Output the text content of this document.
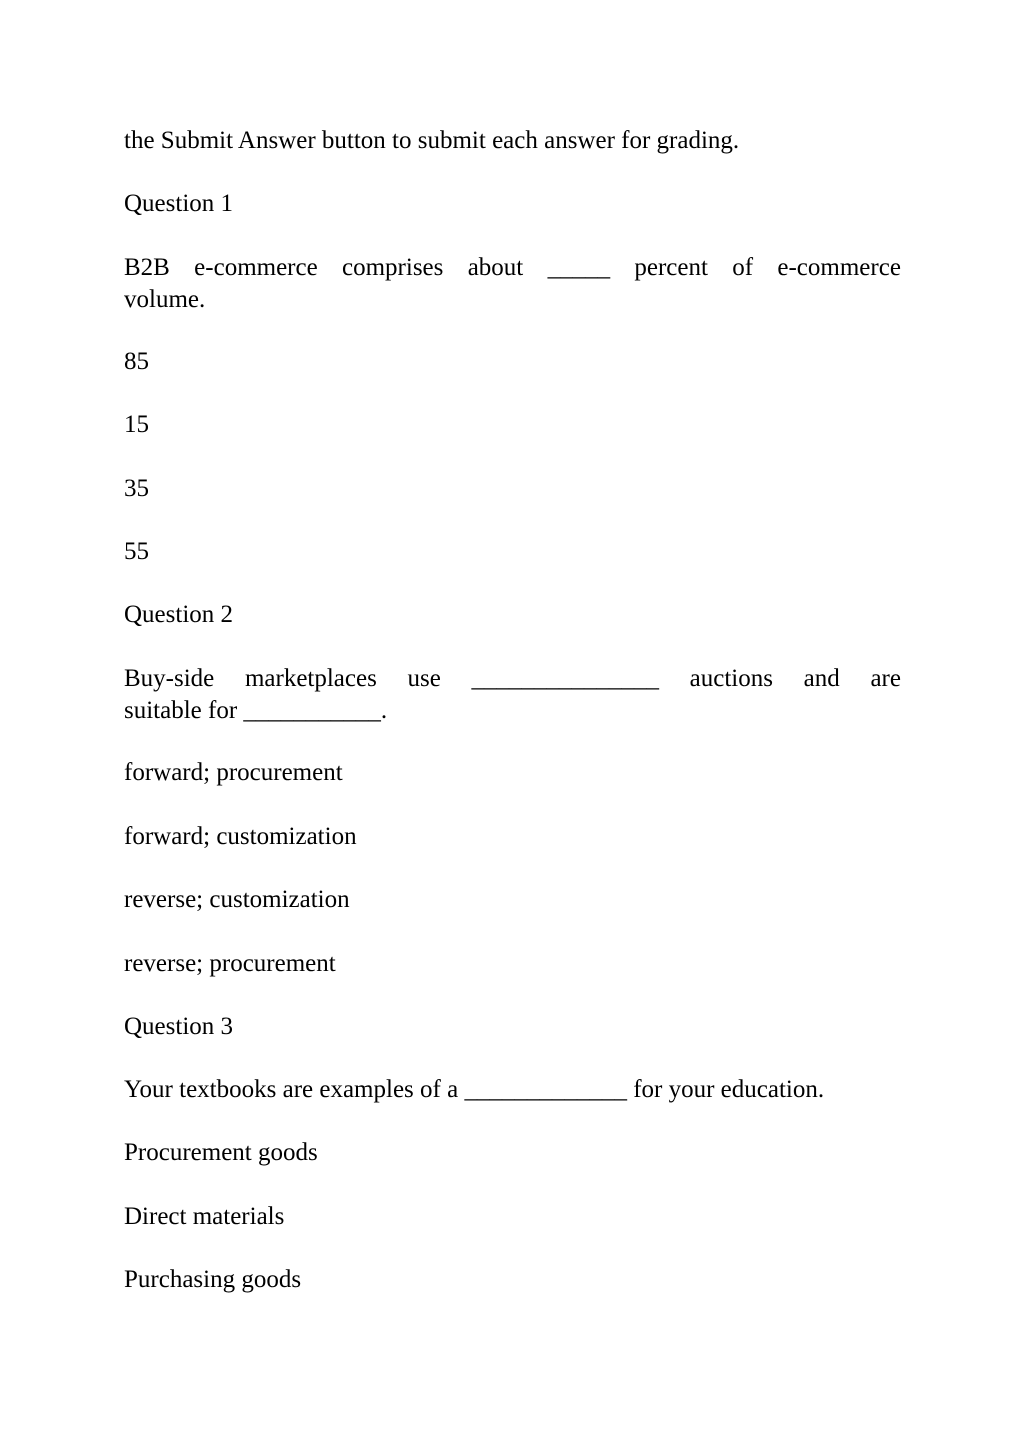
the Submit Answer button to submit each answer for grading.
Question 1
B2B e-commerce comprises about _____ percent of e-commerce
volume.
85
15
35
55
Question 2
Buy-side marketplaces use _______________ auctions and are
suitable for ___________.
forward; procurement
forward; customization
reverse; customization
reverse; procurement
Question 3
Your textbooks are examples of a _____________ for your education.
Procurement goods
Direct materials
Purchasing goods
